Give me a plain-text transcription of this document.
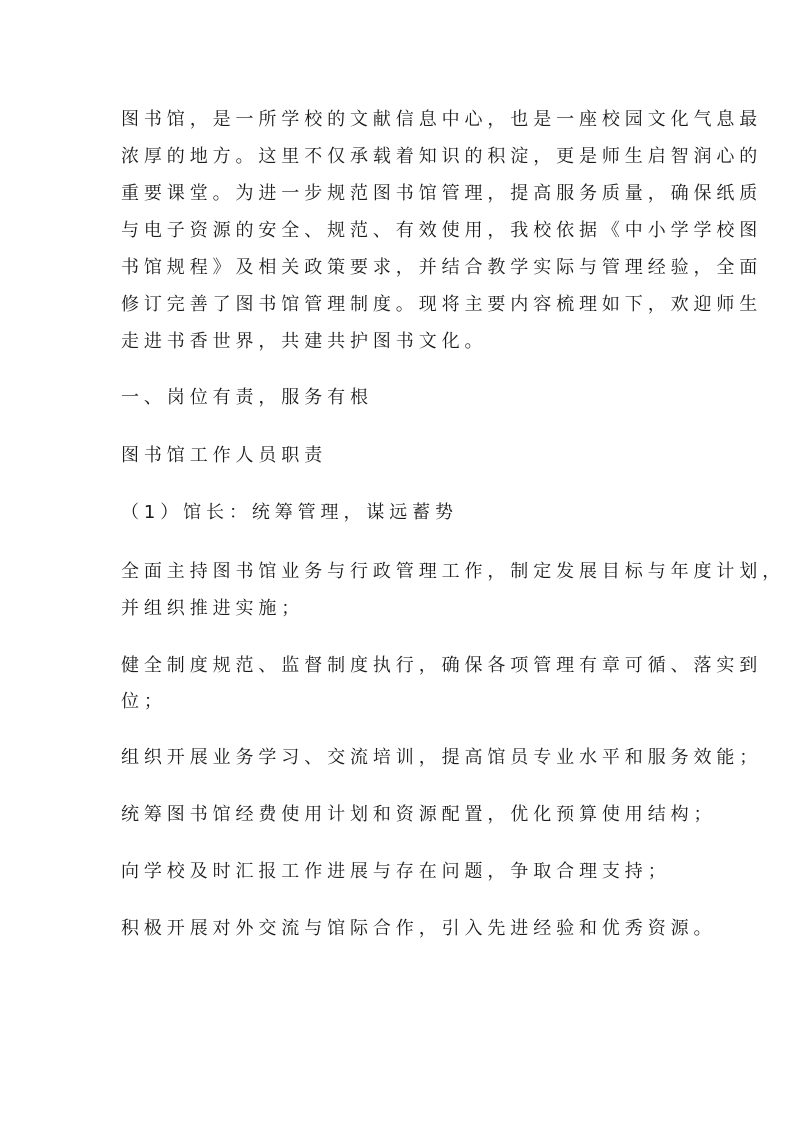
图书馆，是一所学校的文献信息中心，也是一座校园文化气息最
浓厚的地方。这里不仅承载着知识的积淀，更是师生启智润心的
重要课堂。为进一步规范图书馆管理，提高服务质量，确保纸质
与电子资源的安全、规范、有效使用，我校依据《中小学学校图
书馆规程》及相关政策要求，并结合教学实际与管理经验，全面
修订完善了图书馆管理制度。现将主要内容梳理如下，欢迎师生
走进书香世界，共建共护图书文化。
一、岗位有责，服务有根
图书馆工作人员职责
（1）馆长：统筹管理，谋远蓄势
全面主持图书馆业务与行政管理工作，制定发展目标与年度计划，
并组织推进实施；
健全制度规范、监督制度执行，确保各项管理有章可循、落实到
位；
组织开展业务学习、交流培训，提高馆员专业水平和服务效能；
统筹图书馆经费使用计划和资源配置，优化预算使用结构；
向学校及时汇报工作进展与存在问题，争取合理支持；
积极开展对外交流与馆际合作，引入先进经验和优秀资源。
